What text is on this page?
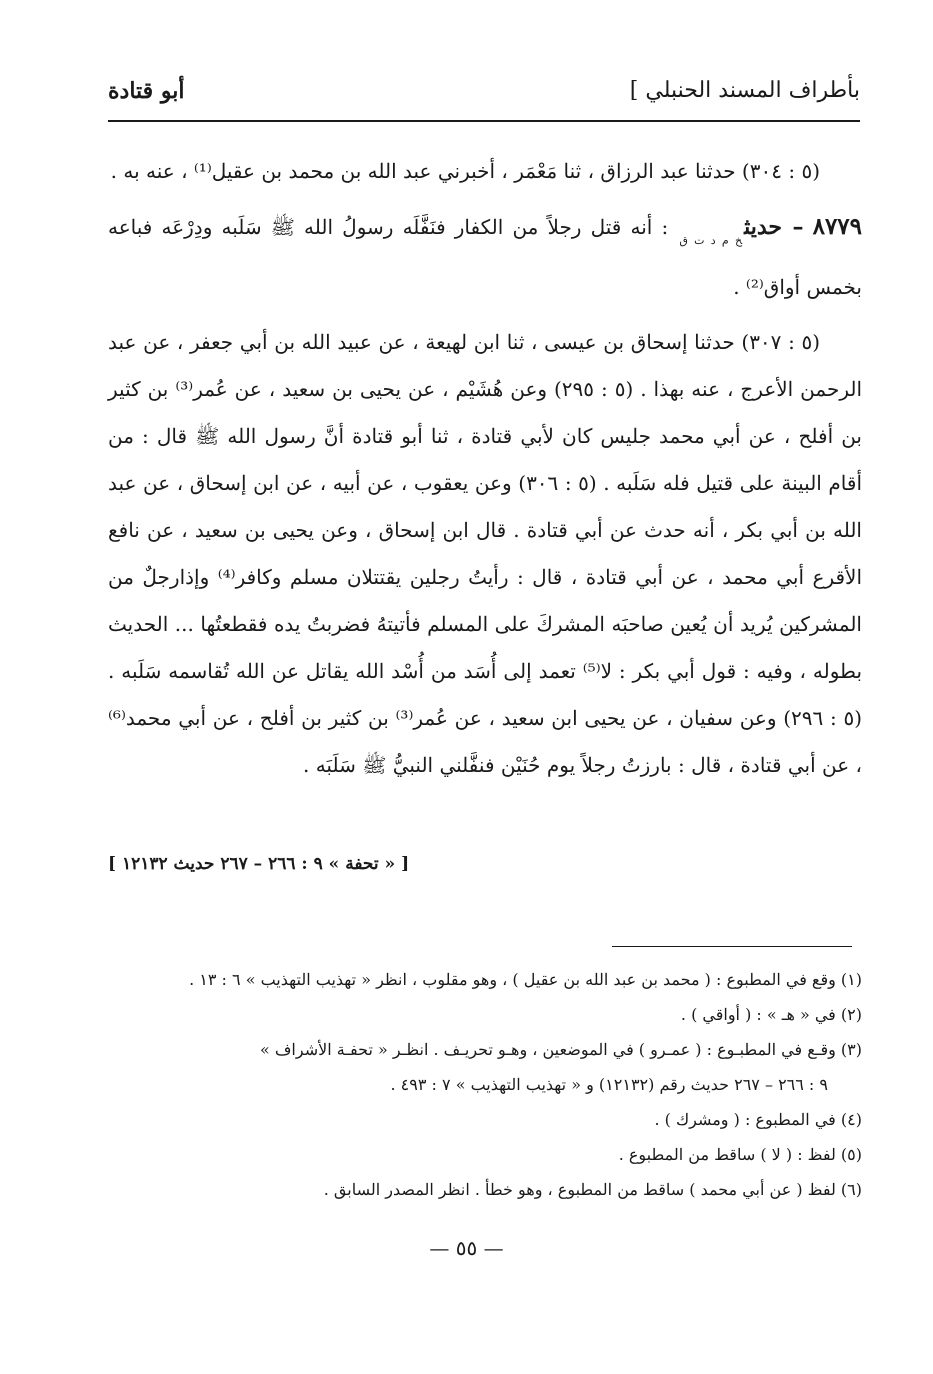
بأطراف المسند الحنبلي ]
أبو قتادة

(٥ : ٣٠٤) حدثنا عبد الرزاق ، ثنا مَعْمَر ، أخبرني عبد الله بن محمد بن عقيل⁽¹⁾ ، عنه به .

٨٧٧٩ – حديث$_{خ م د ت ق}$ : أنه قتل رجلاً من الكفار فنَفَّلَه رسولُ الله ﷺ سَلَبه ودِرْعَه فباعه بخمس أواق⁽²⁾ .

(٥ : ٣٠٧) حدثنا إسحاق بن عيسى ، ثنا ابن لهيعة ، عن عبيد الله بن أبي جعفر ، عن عبد الرحمن الأعرج ، عنه بهذا . (٥ : ٢٩٥) وعن هُشَيْم ، عن يحيى بن سعيد ، عن عُمر⁽³⁾ بن كثير بن أفلح ، عن أبي محمد جليس كان لأبي قتادة ، ثنا أبو قتادة أنَّ رسول الله ﷺ قال : من أقام البينة على قتيل فله سَلَبه . (٥ : ٣٠٦) وعن يعقوب ، عن أبيه ، عن ابن إسحاق ، عن عبد الله بن أبي بكر ، أنه حدث عن أبي قتادة . قال ابن إسحاق ، وعن يحيى بن سعيد ، عن نافع الأقرع أبي محمد ، عن أبي قتادة ، قال : رأيتُ رجلين يقتتلان مسلم وكافر⁽⁴⁾ وإذارجلٌ من المشركين يُريد أن يُعين صاحبَه المشركَ على المسلم فأتيتهُ فضربتُ يده فقطعتُها ... الحديث بطوله ، وفيه : قول أبي بكر : لا⁽⁵⁾ تعمد إلى أُسَد من أُسْد الله يقاتل عن الله تُقاسمه سَلَبه . (٥ : ٢٩٦) وعن سفيان ، عن يحيى ابن سعيد ، عن عُمر⁽³⁾ بن كثير بن أفلح ، عن أبي محمد⁽⁶⁾ ، عن أبي قتادة ، قال : بارزتُ رجلاً يوم حُنَيْن فنفَّلني النبيُّ ﷺ سَلَبَه .

[ « تحفة » ٩ : ٢٦٦ – ٢٦٧ حديث ١٢١٣٢ ]

(١) وقع في المطبوع : ( محمد بن عبد الله بن عقيل ) ، وهو مقلوب ، انظر « تهذيب التهذيب » ٦ : ١٣ .

(٢) في « هـ » : ( أواقي ) .

(٣) وقـع في المطبـوع : ( عمـرو ) في الموضعين ، وهـو تحريـف . انظـر « تحفـة الأشراف »

٩ : ٢٦٦ – ٢٦٧ حديث رقم (١٢١٣٢) و « تهذيب التهذيب » ٧ : ٤٩٣ .

(٤) في المطبوع : ( ومشرك ) .

(٥) لفظ : ( لا ) ساقط من المطبوع .

(٦) لفظ ( عن أبي محمد ) ساقط من المطبوع ، وهو خطأ . انظر المصدر السابق .

— ٥٥ —
